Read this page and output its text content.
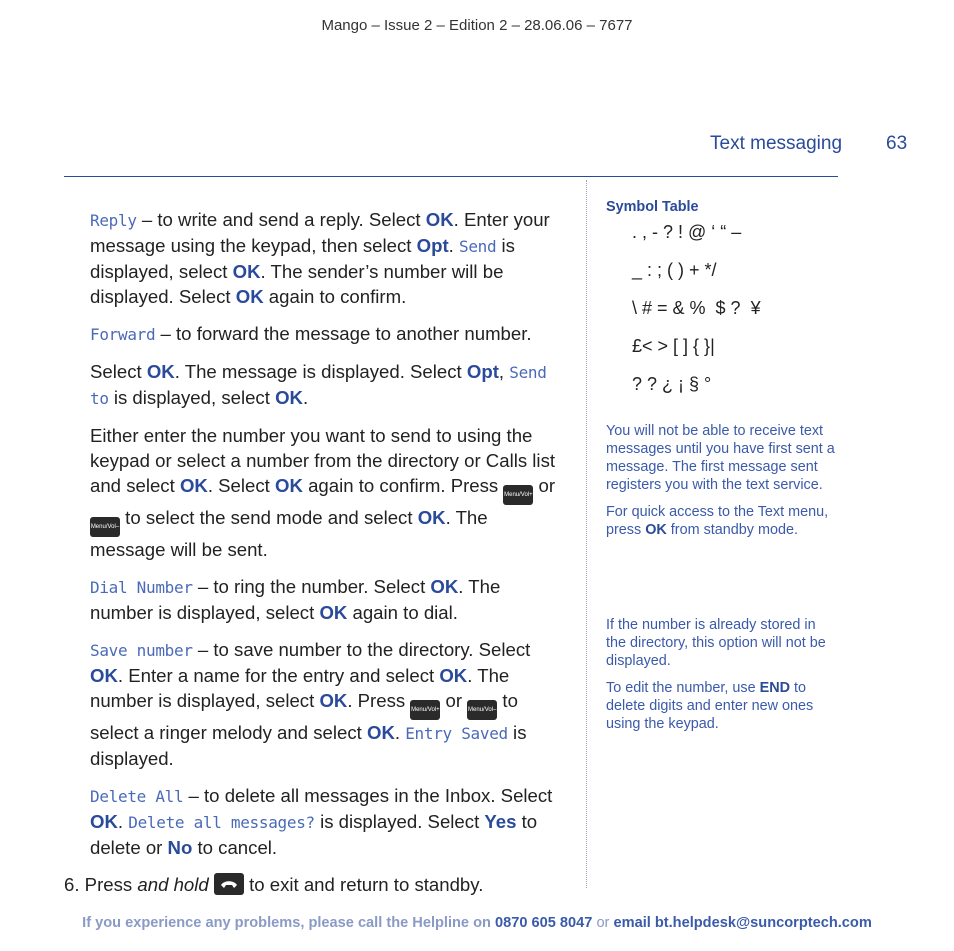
Mango – Issue 2 – Edition 2 – 28.06.06 – 7677
Text messaging 63

Reply – to write and send a reply. Select OK. Enter your message using the keypad, then select Opt. Send is displayed, select OK. The sender’s number will be displayed. Select OK again to confirm.

Forward – to forward the message to another number.

Select OK. The message is displayed. Select Opt, Send to is displayed, select OK.

Either enter the number you want to send to using the keypad or select a number from the directory or Calls list and select OK. Select OK again to confirm. Press Menu/Vol+ or Menu/Vol– to select the send mode and select OK. The message will be sent.

Dial Number – to ring the number. Select OK. The number is displayed, select OK again to dial.

Save number – to save number to the directory. Select OK. Enter a name for the entry and select OK. The number is displayed, select OK. Press Menu/Vol+ or Menu/Vol– to select a ringer melody and select OK. Entry Saved is displayed.

Delete All – to delete all messages in the Inbox. Select OK. Delete all messages? is displayed. Select Yes to delete or No to cancel.

6. Press and hold
to exit and return to standby.

Symbol Table
. , - ? ! @ ‘ “ –
_ : ; ( ) + */
\ # = & %  $ ?  ¥
£< > [ ] { }|
? ? ¿ ¡ § °

You will not be able to receive text messages until you have first sent a message. The first message sent registers you with the text service.

For quick access to the Text menu, press OK from standby mode.

If the number is already stored in the directory, this option will not be displayed.

To edit the number, use END to delete digits and enter new ones using the keypad.

If you experience any problems, please call the Helpline on 0870 605 8047 or email bt.helpdesk@suncorptech.com
